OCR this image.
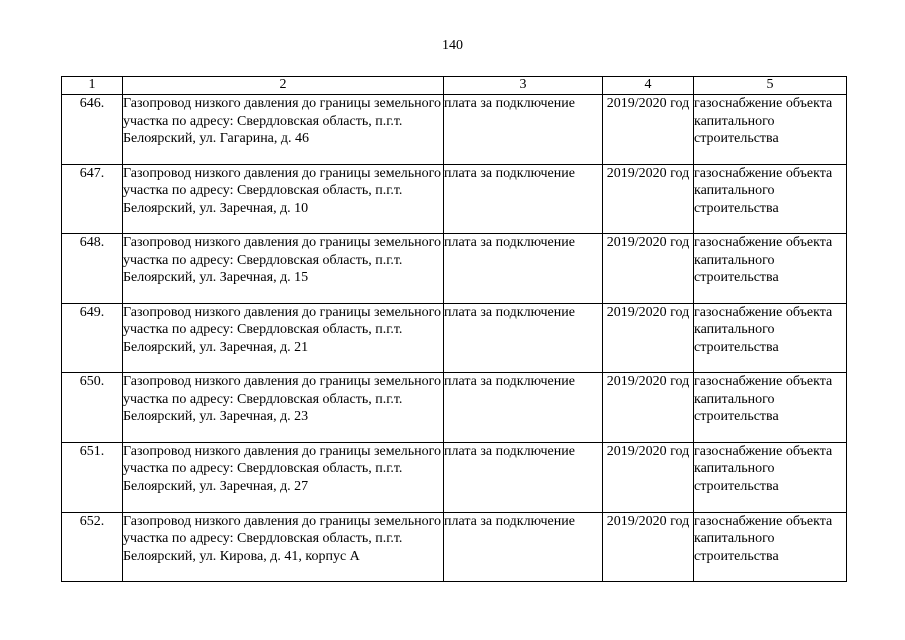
140
1	2	3	4	5
646.	Газопровод низкого давления до границы земельного участка по адресу: Свердловская область, п.г.т. Белоярский, ул. Гагарина, д. 46	плата за подключение	2019/2020 год	газоснабжение объекта капитального строительства
647.	Газопровод низкого давления до границы земельного участка по адресу: Свердловская область, п.г.т. Белоярский, ул. Заречная, д. 10	плата за подключение	2019/2020 год	газоснабжение объекта капитального строительства
648.	Газопровод низкого давления до границы земельного участка по адресу: Свердловская область, п.г.т. Белоярский, ул. Заречная, д. 15	плата за подключение	2019/2020 год	газоснабжение объекта капитального строительства
649.	Газопровод низкого давления до границы земельного участка по адресу: Свердловская область, п.г.т. Белоярский, ул. Заречная, д. 21	плата за подключение	2019/2020 год	газоснабжение объекта капитального строительства
650.	Газопровод низкого давления до границы земельного участка по адресу: Свердловская область, п.г.т. Белоярский, ул. Заречная, д. 23	плата за подключение	2019/2020 год	газоснабжение объекта капитального строительства
651.	Газопровод низкого давления до границы земельного участка по адресу: Свердловская область, п.г.т. Белоярский, ул. Заречная, д. 27	плата за подключение	2019/2020 год	газоснабжение объекта капитального строительства
652.	Газопровод низкого давления до границы земельного участка по адресу: Свердловская область, п.г.т. Белоярский, ул. Кирова, д. 41, корпус А	плата за подключение	2019/2020 год	газоснабжение объекта капитального строительства
